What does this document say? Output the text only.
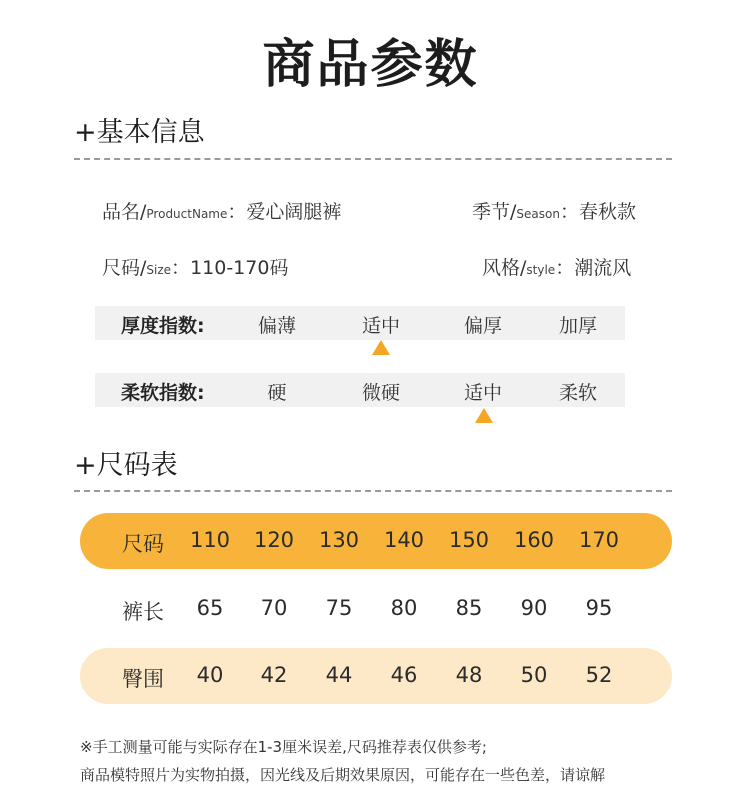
商品参数
+基本信息
品名/ProductName：爱心阔腿裤	季节/Season：春秋款
尺码/Size：110-170码	风格/style：潮流风
厚度指数:	偏薄	适中	偏厚	加厚
柔软指数:	硬	微硬	适中	柔软
+尺码表
尺码	110	120	130	140	150	160	170
裤长	65	70	75	80	85	90	95
臀围	40	42	44	46	48	50	52
※手工测量可能与实际存在1-3厘米误差,尺码推荐表仅供参考;
商品模特照片为实物拍摄，因光线及后期效果原因，可能存在一些色差，请谅解
